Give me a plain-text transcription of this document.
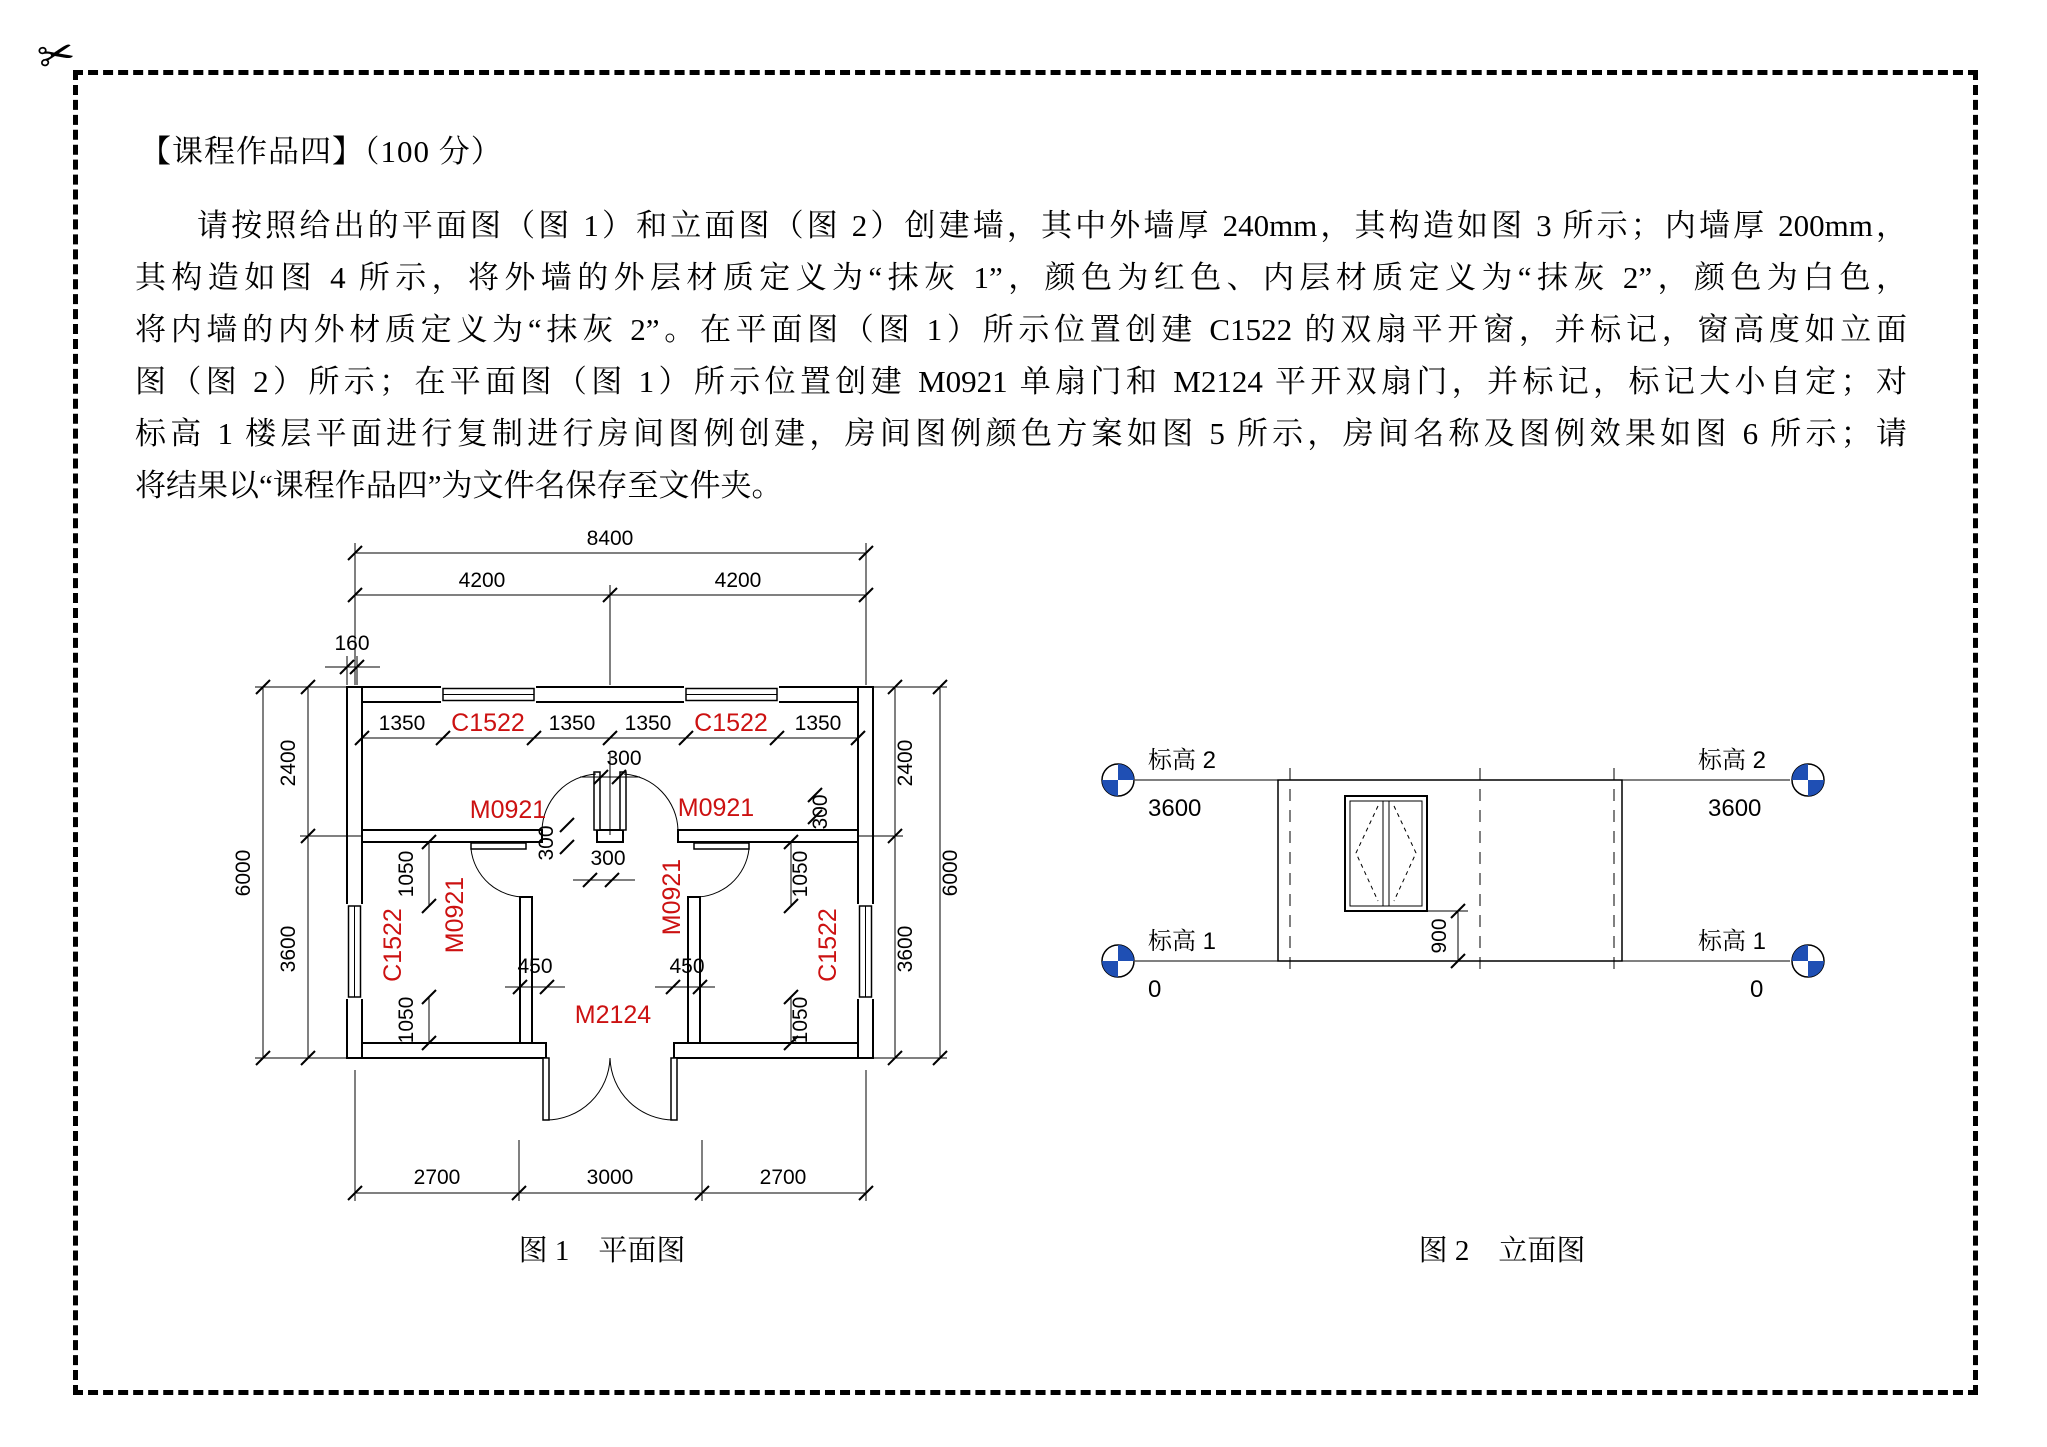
✂
【课程作品四】（100 分）
请按照给出的平面图（图 1）和立面图（图 2）创建墙，其中外墙厚 240mm，其构造如图 3 所示；内墙厚 200mm，
其构造如图 4 所示，将外墙的外层材质定义为“抹灰 1”，颜色为红色、内层材质定义为“抹灰 2”，颜色为白色，
将内墙的内外材质定义为“抹灰 2”。在平面图（图 1）所示位置创建 C1522 的双扇平开窗，并标记，窗高度如立面
图（图 2）所示；在平面图（图 1）所示位置创建 M0921 单扇门和 M2124 平开双扇门，并标记，标记大小自定；对
标高 1 楼层平面进行复制进行房间图例创建，房间图例颜色方案如图 5 所示，房间名称及图例效果如图 6 所示；请
将结果以“课程作品四”为文件名保存至文件夹。
8400
4200	4200
160
1350 C1522 1350 1350 C1522 1350
6000
2400
3600
2400
3600
6000
2700	3000	2700
1050
1050
1050
1050
450	450
300
300
300
300
M0921	M0921
M0921	M0921
C1522	C1522
M2124
标高 2
3600
标高 1
0
标高 2
3600
标高 1
0
900
图 1　平面图	图 2　立面图
